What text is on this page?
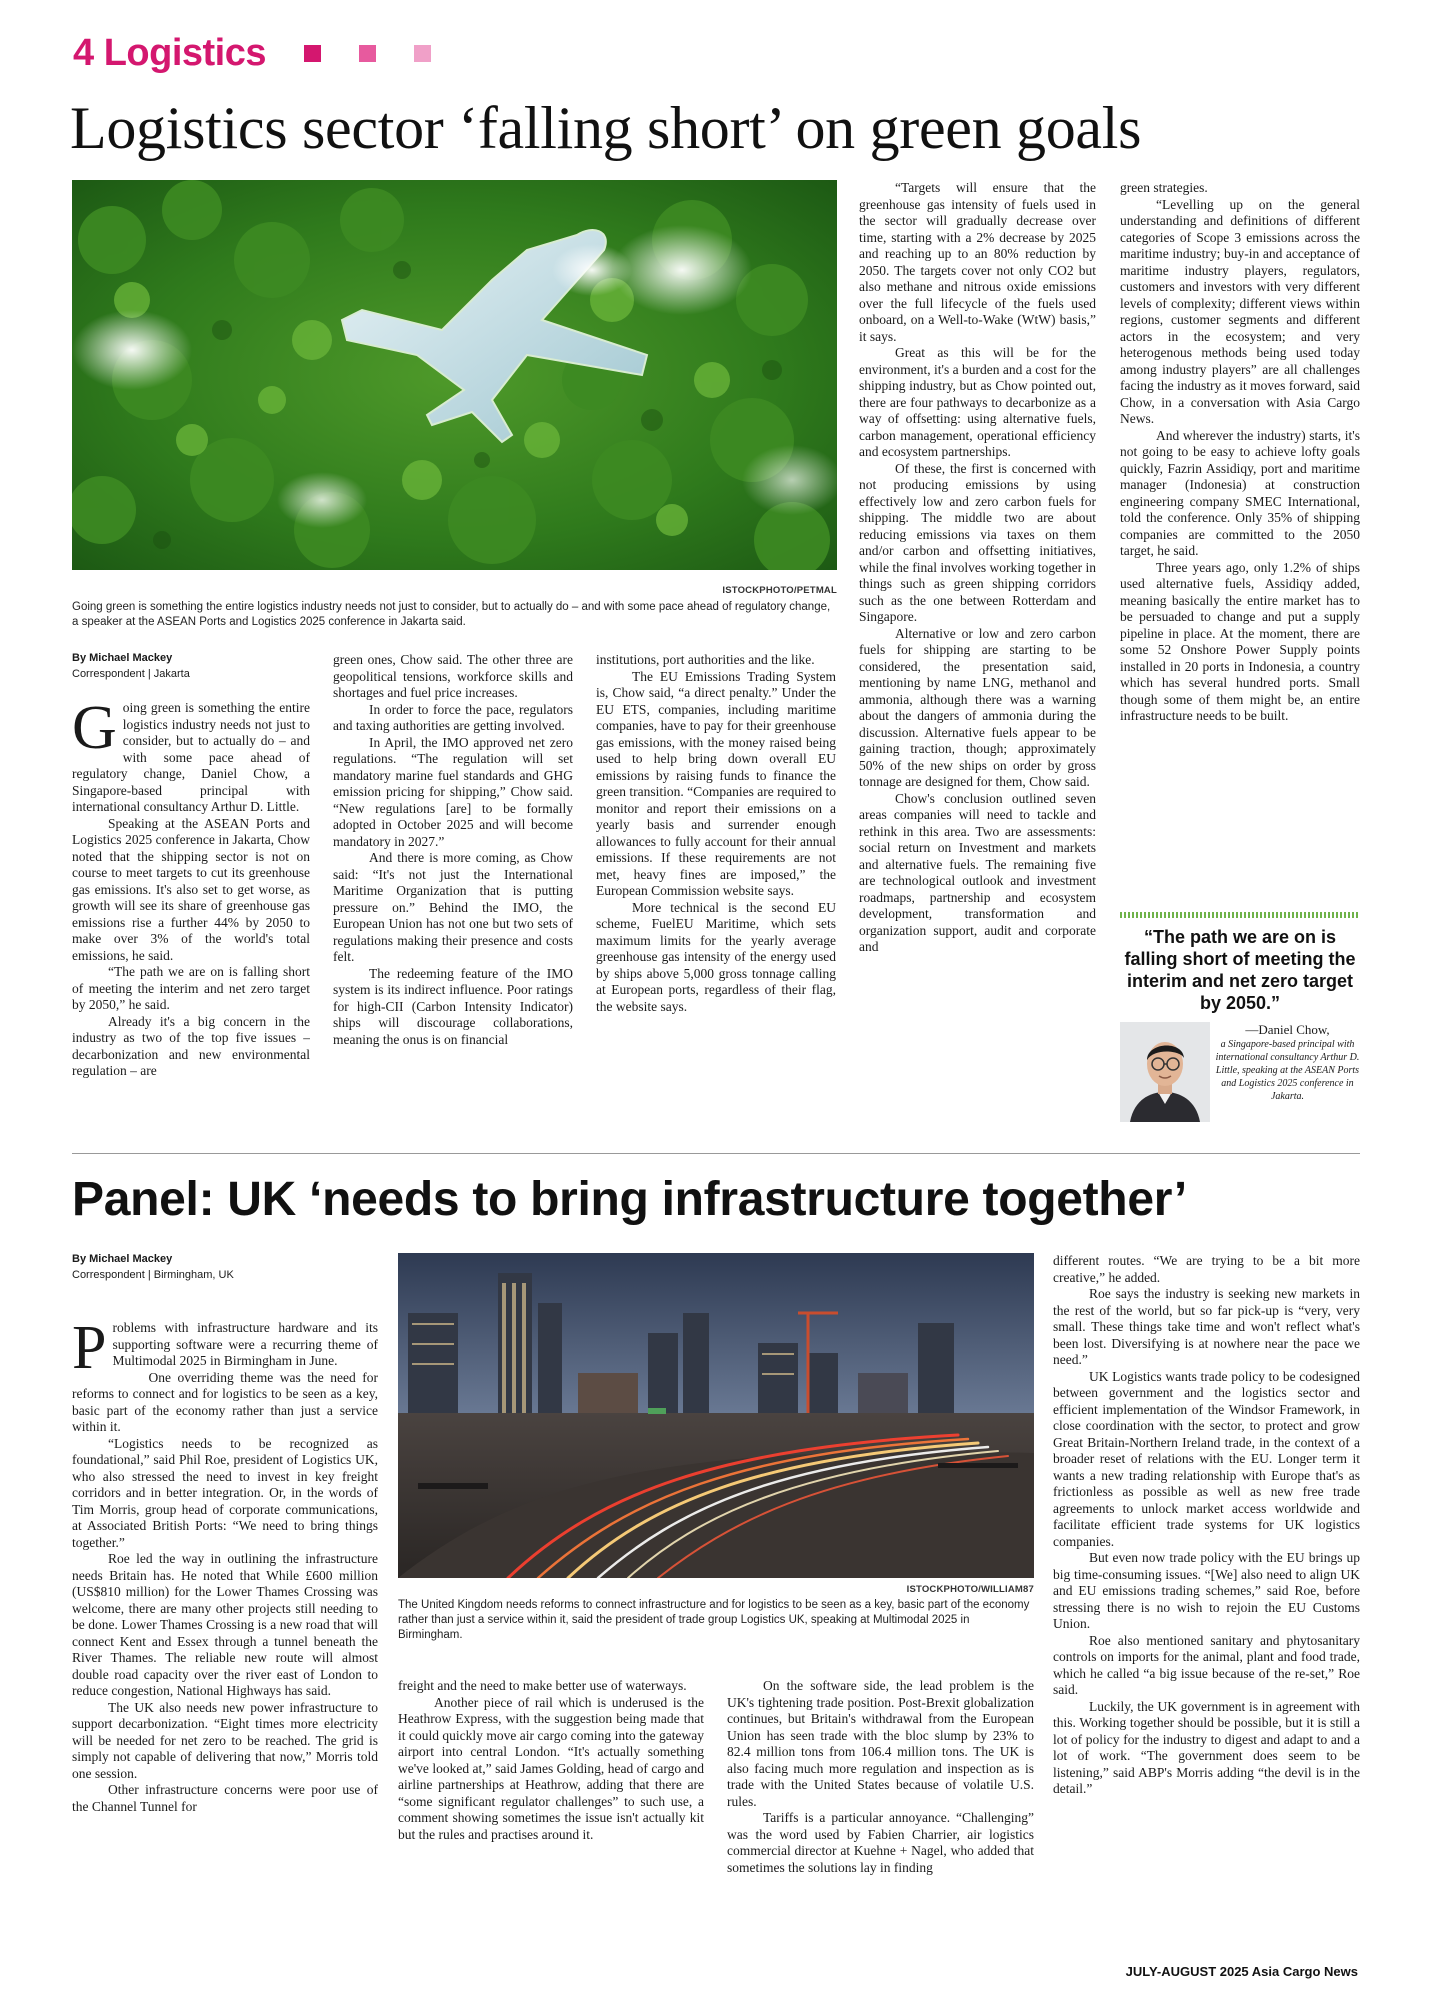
4 Logistics
Logistics sector ‘falling short’ on green goals
ISTOCKPHOTO/PETMAL
Going green is something the entire logistics industry needs not just to consider, but to actually do – and with some pace ahead of regulatory change, a speaker at the ASEAN Ports and Logistics 2025 conference in Jakarta said.
By Michael Mackey
Correspondent | Jakarta

Going green is something the entire logistics industry needs not just to consider, but to actually do – and with some pace ahead of regulatory change, Daniel Chow, a Singapore-based principal with international consultancy Arthur D. Little.

Speaking at the ASEAN Ports and Logistics 2025 conference in Jakarta, Chow noted that the shipping sector is not on course to meet targets to cut its greenhouse gas emissions. It's also set to get worse, as growth will see its share of greenhouse gas emissions rise a further 44% by 2050 to make over 3% of the world's total emissions, he said.

“The path we are on is falling short of meeting the interim and net zero target by 2050,” he said.

Already it's a big concern in the industry as two of the top five issues – decarbonization and new environmental regulation – are

green ones, Chow said. The other three are geopolitical tensions, workforce skills and shortages and fuel price increases.

In order to force the pace, regulators and taxing authorities are getting involved.

In April, the IMO approved net zero regulations. “The regulation will set mandatory marine fuel standards and GHG emission pricing for shipping,” Chow said. “New regulations [are] to be formally adopted in October 2025 and will become mandatory in 2027.”

And there is more coming, as Chow said: “It's not just the International Maritime Organization that is putting pressure on.” Behind the IMO, the European Union has not one but two sets of regulations making their presence and costs felt.

The redeeming feature of the IMO system is its indirect influence. Poor ratings for high-CII (Carbon Intensity Indicator) ships will discourage collaborations, meaning the onus is on financial

institutions, port authorities and the like.

The EU Emissions Trading System is, Chow said, “a direct penalty.” Under the EU ETS, companies, including maritime companies, have to pay for their greenhouse gas emissions, with the money raised being used to help bring down overall EU emissions by raising funds to finance the green transition. “Companies are required to monitor and report their emissions on a yearly basis and surrender enough allowances to fully account for their annual emissions. If these requirements are not met, heavy fines are imposed,” the European Commission website says.

More technical is the second EU scheme, FuelEU Maritime, which sets maximum limits for the yearly average greenhouse gas intensity of the energy used by ships above 5,000 gross tonnage calling at European ports, regardless of their flag, the website says.

“Targets will ensure that the greenhouse gas intensity of fuels used in the sector will gradually decrease over time, starting with a 2% decrease by 2025 and reaching up to an 80% reduction by 2050. The targets cover not only CO2 but also methane and nitrous oxide emissions over the full lifecycle of the fuels used onboard, on a Well-to-Wake (WtW) basis,” it says.

Great as this will be for the environment, it's a burden and a cost for the shipping industry, but as Chow pointed out, there are four pathways to decarbonize as a way of offsetting: using alternative fuels, carbon management, operational efficiency and ecosystem partnerships.

Of these, the first is concerned with not producing emissions by using effectively low and zero carbon fuels for shipping. The middle two are about reducing emissions via taxes on them and/or carbon and offsetting initiatives, while the final involves working together in things such as green shipping corridors such as the one between Rotterdam and Singapore.

Alternative or low and zero carbon fuels for shipping are starting to be considered, the presentation said, mentioning by name LNG, methanol and ammonia, although there was a warning about the dangers of ammonia during the discussion. Alternative fuels appear to be gaining traction, though; approximately 50% of the new ships on order by gross tonnage are designed for them, Chow said.

Chow's conclusion outlined seven areas companies will need to tackle and rethink in this area. Two are assessments: social return on Investment and markets and alternative fuels. The remaining five are technological outlook and investment roadmaps, partnership and ecosystem development, transformation and organization support, audit and corporate and

green strategies.

“Levelling up on the general understanding and definitions of different categories of Scope 3 emissions across the maritime industry; buy-in and acceptance of maritime industry players, regulators, customers and investors with very different levels of complexity; different views within regions, customer segments and different actors in the ecosystem; and very heterogenous methods being used today among industry players” are all challenges facing the industry as it moves forward, said Chow, in a conversation with Asia Cargo News.

And wherever the industry) starts, it's not going to be easy to achieve lofty goals quickly, Fazrin Assidiqy, port and maritime manager (Indonesia) at construction engineering company SMEC International, told the conference. Only 35% of shipping companies are committed to the 2050 target, he said.

Three years ago, only 1.2% of ships used alternative fuels, Assidiqy added, meaning basically the entire market has to be persuaded to change and put a supply pipeline in place. At the moment, there are some 52 Onshore Power Supply points installed in 20 ports in Indonesia, a country which has several hundred ports. Small though some of them might be, an entire infrastructure needs to be built.

“The path we are on is falling short of meeting the interim and net zero target by 2050.”
—Daniel Chow,
a Singapore-based principal with international consultancy Arthur D. Little, speaking at the ASEAN Ports and Logistics 2025 conference in Jakarta.
Panel: UK ‘needs to bring infrastructure together’
By Michael Mackey
Correspondent | Birmingham, UK
ISTOCKPHOTO/WILLIAM87
The United Kingdom needs reforms to connect infrastructure and for logistics to be seen as a key, basic part of the economy rather than just a service within it, said the president of trade group Logistics UK, speaking at Multimodal 2025 in Birmingham.

Problems with infrastructure hardware and its supporting software were a recurring theme of Multimodal 2025 in Birmingham in June.

One overriding theme was the need for reforms to connect and for logistics to be seen as a key, basic part of the economy rather than just a service within it.

“Logistics needs to be recognized as foundational,” said Phil Roe, president of Logistics UK, who also stressed the need to invest in key freight corridors and in better integration. Or, in the words of Tim Morris, group head of corporate communications, at Associated British Ports: “We need to bring things together.”

Roe led the way in outlining the infrastructure needs Britain has. He noted that While £600 million (US$810 million) for the Lower Thames Crossing was welcome, there are many other projects still needing to be done. Lower Thames Crossing is a new road that will connect Kent and Essex through a tunnel beneath the River Thames. The reliable new route will almost double road capacity over the river east of London to reduce congestion, National Highways has said.

The UK also needs new power infrastructure to support decarbonization. “Eight times more electricity will be needed for net zero to be reached. The grid is simply not capable of delivering that now,” Morris told one session.

Other infrastructure concerns were poor use of the Channel Tunnel for

freight and the need to make better use of waterways.

Another piece of rail which is underused is the Heathrow Express, with the suggestion being made that it could quickly move air cargo coming into the gateway airport into central London. “It's actually something we've looked at,” said James Golding, head of cargo and airline partnerships at Heathrow, adding that there are “some significant regulator challenges” to such use, a comment showing sometimes the issue isn't actually kit but the rules and practises around it.

On the software side, the lead problem is the UK's tightening trade position. Post-Brexit globalization continues, but Britain's withdrawal from the European Union has seen trade with the bloc slump by 23% to 82.4 million tons from 106.4 million tons. The UK is also facing much more regulation and inspection as is trade with the United States because of volatile U.S. rules.

Tariffs is a particular annoyance. “Challenging” was the word used by Fabien Charrier, air logistics commercial director at Kuehne + Nagel, who added that sometimes the solutions lay in finding

different routes. “We are trying to be a bit more creative,” he added.

Roe says the industry is seeking new markets in the rest of the world, but so far pick-up is “very, very small. These things take time and won't reflect what's been lost. Diversifying is at nowhere near the pace we need.”

UK Logistics wants trade policy to be codesigned between government and the logistics sector and efficient implementation of the Windsor Framework, in close coordination with the sector, to protect and grow Great Britain-Northern Ireland trade, in the context of a broader reset of relations with the EU. Longer term it wants a new trading relationship with Europe that's as frictionless as possible as well as new free trade agreements to unlock market access worldwide and facilitate efficient trade systems for UK logistics companies.

But even now trade policy with the EU brings up big time-consuming issues. “[We] also need to align UK and EU emissions trading schemes,” said Roe, before stressing there is no wish to rejoin the EU Customs Union.

Roe also mentioned sanitary and phytosanitary controls on imports for the animal, plant and food trade, which he called “a big issue because of the re-set,” Roe said.

Luckily, the UK government is in agreement with this. Working together should be possible, but it is still a lot of policy for the industry to digest and adapt to and a lot of work. “The government does seem to be listening,” said ABP's Morris adding “the devil is in the detail.”

JULY-AUGUST 2025 Asia Cargo News
